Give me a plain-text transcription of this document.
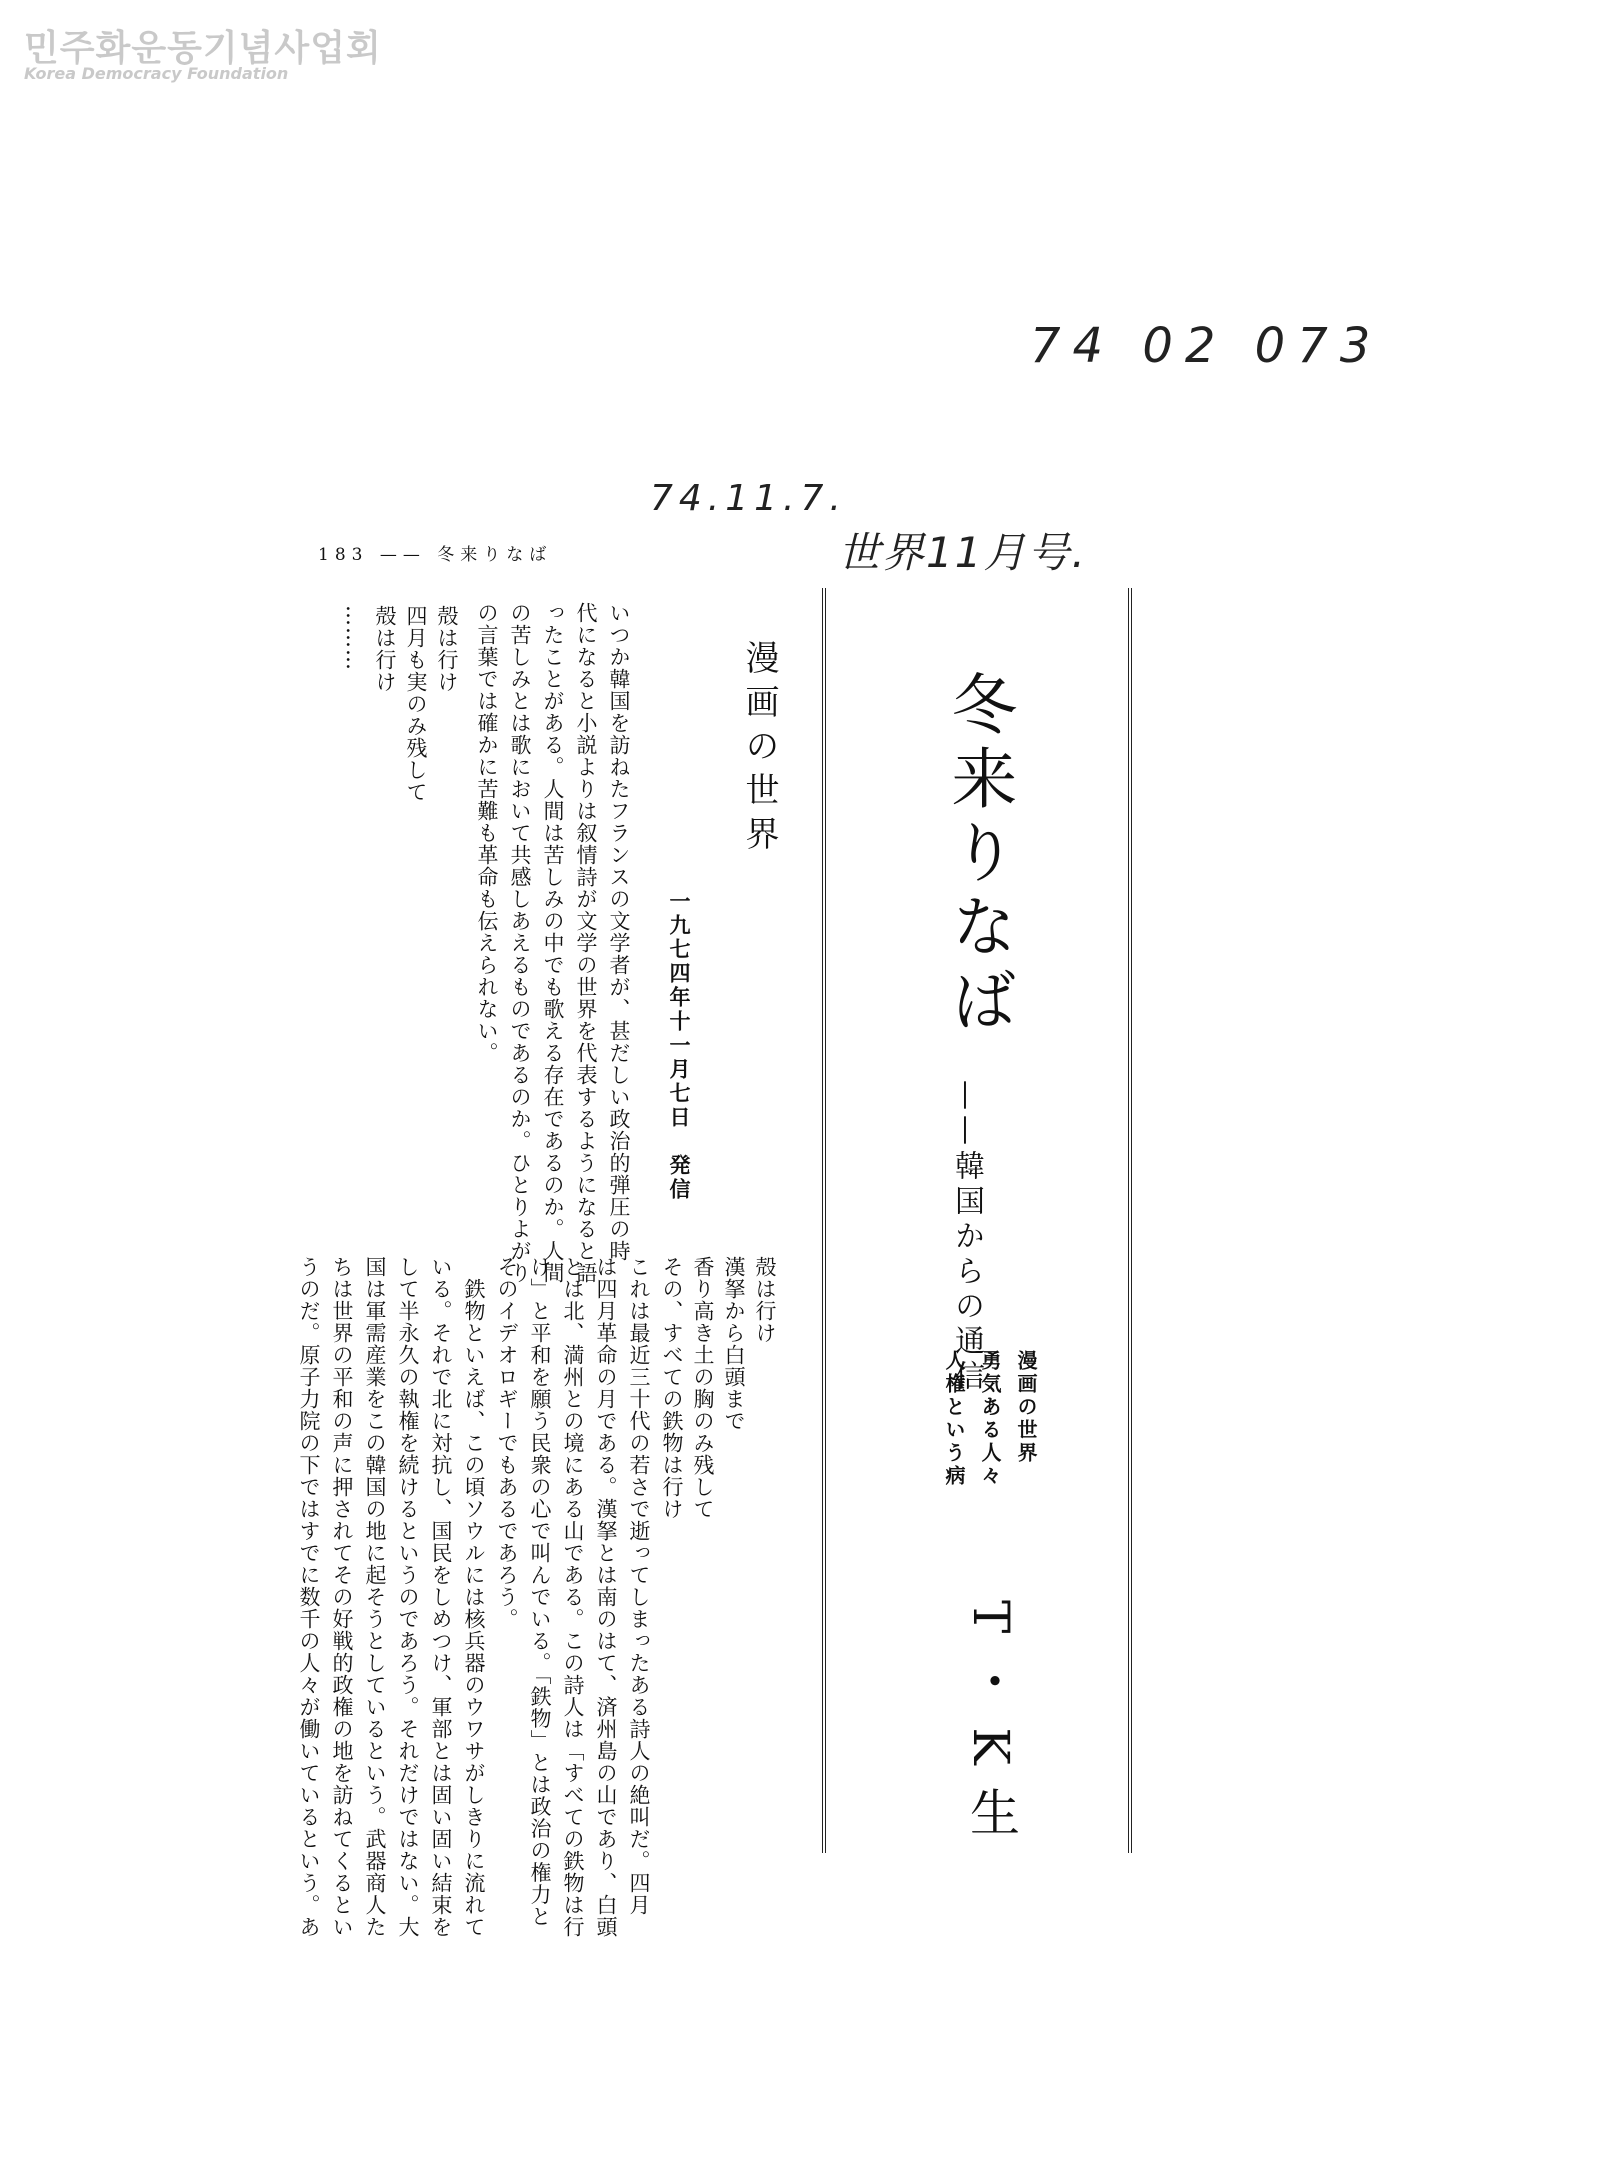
민주화운동기념사업회
Korea Democracy Foundation
74 02 073
74.11.7.
世界11月号.
183 —— 冬来りなば
冬来りなば
——韓国からの通信

漫画の世界
勇気ある人々
人権という病

T・K生
漫画の世界
一九七四年十一月七日　発信
いつか韓国を訪ねたフランスの文学者が、甚だしい政治的弾圧の時
代になると小説よりは叙情詩が文学の世界を代表するようになると語
ったことがある。人間は苦しみの中でも歌える存在であるのか。人間
の苦しみとは歌において共感しあえるものであるのか。ひとりよがり
の言葉では確かに苦難も革命も伝えられない。
殻は行け
四月も実のみ残して
殻は行け
………
殻は行け
漢拏から白頭まで
香り高き土の胸のみ残して
その、すべての鉄物は行け
これは最近三十代の若さで逝ってしまったある詩人の絶叫だ。四月
は四月革命の月である。漢拏とは南のはて、済州島の山であり、白頭
とは北、満州との境にある山である。この詩人は「すべての鉄物は行
け」と平和を願う民衆の心で叫んでいる。「鉄物」とは政治の権力と
そのイデオロギーでもあるであろう。
　鉄物といえば、この頃ソウルには核兵器のウワサがしきりに流れて
いる。それで北に対抗し、国民をしめつけ、軍部とは固い固い結束を
して半永久の執権を続けるというのであろう。それだけではない。大
国は軍需産業をこの韓国の地に起そうとしているという。武器商人た
ちは世界の平和の声に押されてその好戦的政権の地を訪ねてくるとい
うのだ。原子力院の下ではすでに数千の人々が働いているという。あ
